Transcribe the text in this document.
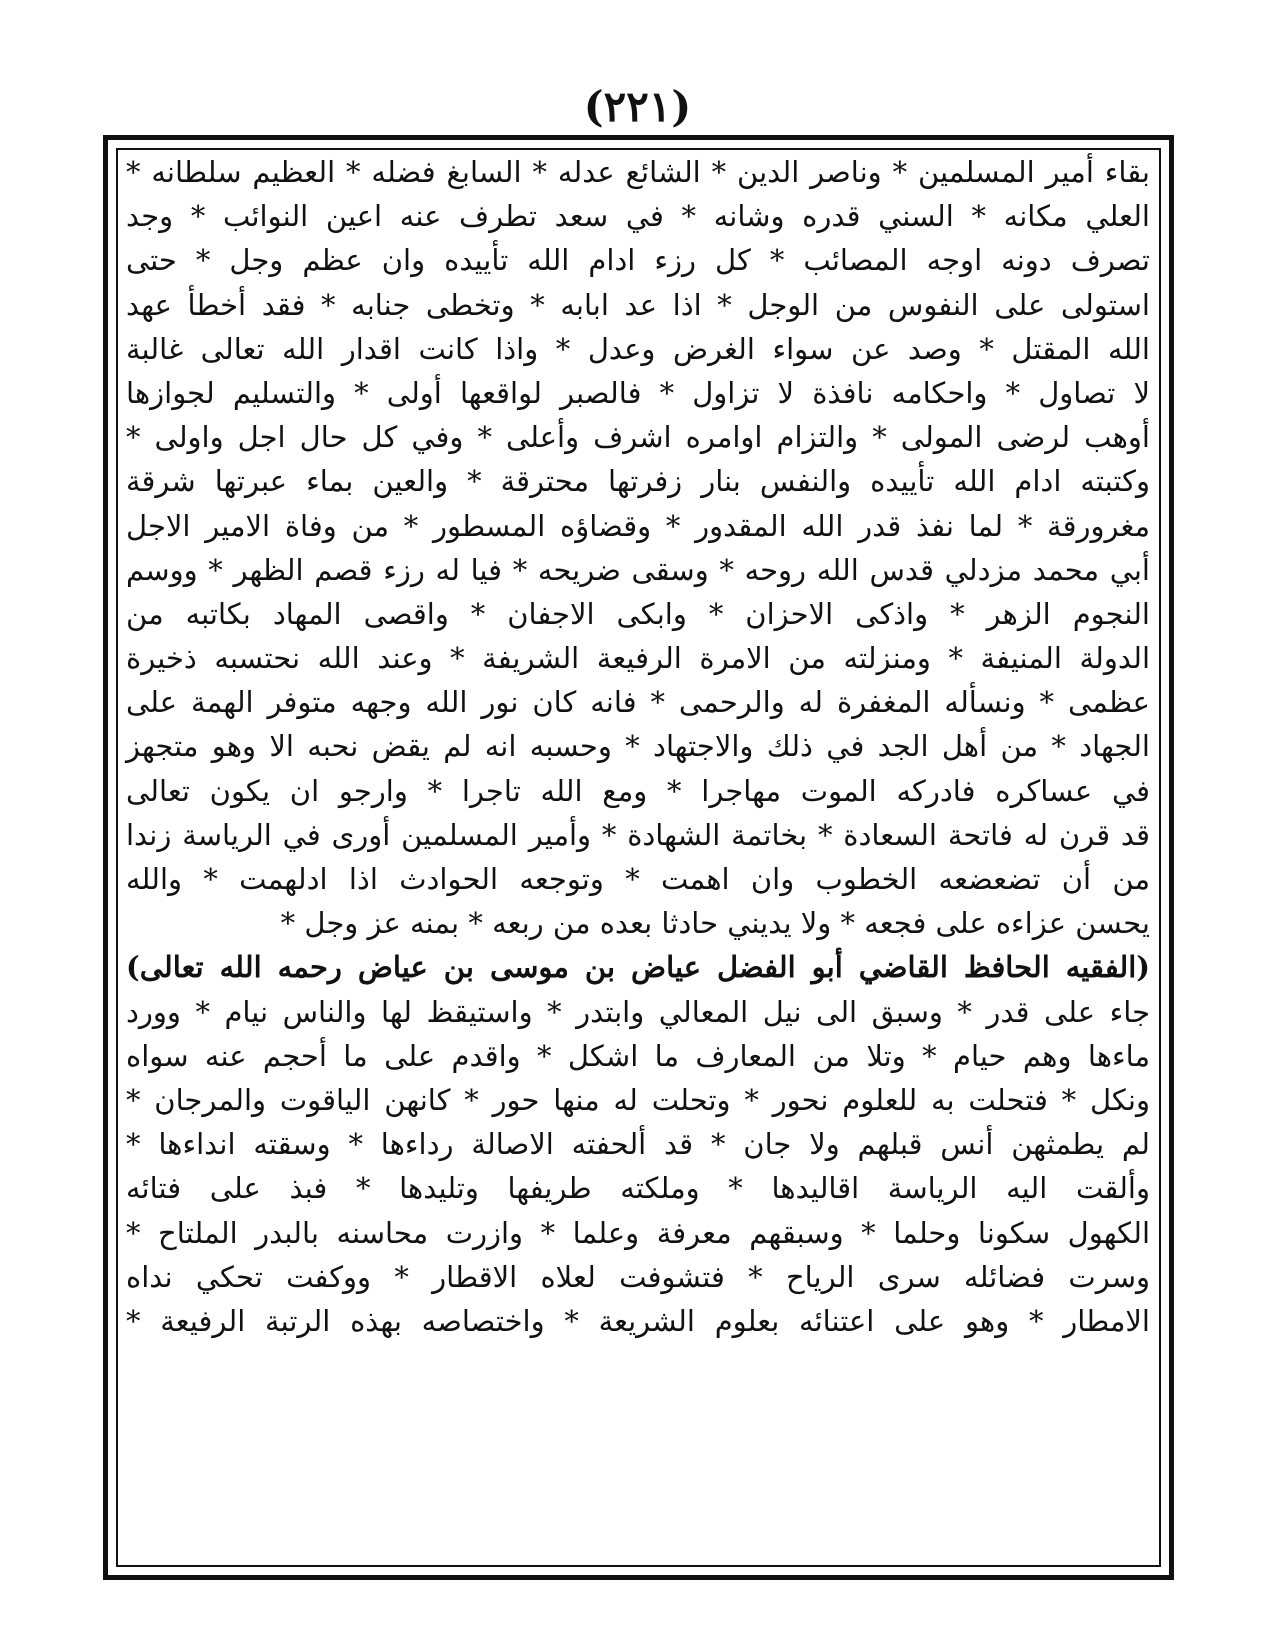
(٢٢١)
بقاء أمير المسلمين * وناصر الدين * الشائع عدله * السابغ فضله * العظيم سلطانه *
العلي مكانه * السني قدره وشانه * في سعد تطرف عنه اعين النوائب * وجد
تصرف دونه اوجه المصائب * كل رزء ادام الله تأييده وان عظم وجل * حتى
استولى على النفوس من الوجل * اذا عد ابابه * وتخطى جنابه * فقد أخطأ عهد
الله المقتل * وصد عن سواء الغرض وعدل * واذا كانت اقدار الله تعالى غالبة
لا تصاول * واحكامه نافذة لا تزاول * فالصبر لواقعها أولى * والتسليم لجوازها
أوهب لرضى المولى * والتزام اوامره اشرف وأعلى * وفي كل حال اجل واولى *
وكتبته ادام الله تأييده والنفس بنار زفرتها محترقة * والعين بماء عبرتها شرقة
مغرورقة * لما نفذ قدر الله المقدور * وقضاؤه المسطور * من وفاة الامير الاجل
أبي محمد مزدلي قدس الله روحه * وسقى ضريحه * فيا له رزء قصم الظهر * ووسم
النجوم الزهر * واذكى الاحزان * وابكى الاجفان * واقصى المهاد بكاتبه من
الدولة المنيفة * ومنزلته من الامرة الرفيعة الشريفة * وعند الله نحتسبه ذخيرة
عظمى * ونسأله المغفرة له والرحمى * فانه كان نور الله وجهه متوفر الهمة على
الجهاد * من أهل الجد في ذلك والاجتهاد * وحسبه انه لم يقض نحبه الا وهو متجهز
في عساكره فادركه الموت مهاجرا * ومع الله تاجرا * وارجو ان يكون تعالى
قد قرن له فاتحة السعادة * بخاتمة الشهادة * وأمير المسلمين أورى في الرياسة زندا
من أن تضعضعه الخطوب وان اهمت * وتوجعه الحوادث اذا ادلهمت * والله
يحسن عزاءه على فجعه * ولا يديني حادثا بعده من ربعه * بمنه عز وجل *
(الفقيه الحافظ القاضي أبو الفضل عياض بن موسى بن عياض رحمه الله تعالى)
جاء على قدر * وسبق الى نيل المعالي وابتدر * واستيقظ لها والناس نيام * وورد
ماءها وهم حيام * وتلا من المعارف ما اشكل * واقدم على ما أحجم عنه سواه
ونكل * فتحلت به للعلوم نحور * وتحلت له منها حور * كانهن الياقوت والمرجان *
لم يطمثهن أنس قبلهم ولا جان * قد ألحفته الاصالة رداءها * وسقته انداءها *
وألقت اليه الرياسة اقاليدها * وملكته طريفها وتليدها * فبذ على فتائه
الكهول سكونا وحلما * وسبقهم معرفة وعلما * وازرت محاسنه بالبدر الملتاح *
وسرت فضائله سرى الرياح * فتشوفت لعلاه الاقطار * ووكفت تحكي نداه
الامطار * وهو على اعتنائه بعلوم الشريعة * واختصاصه بهذه الرتبة الرفيعة *
